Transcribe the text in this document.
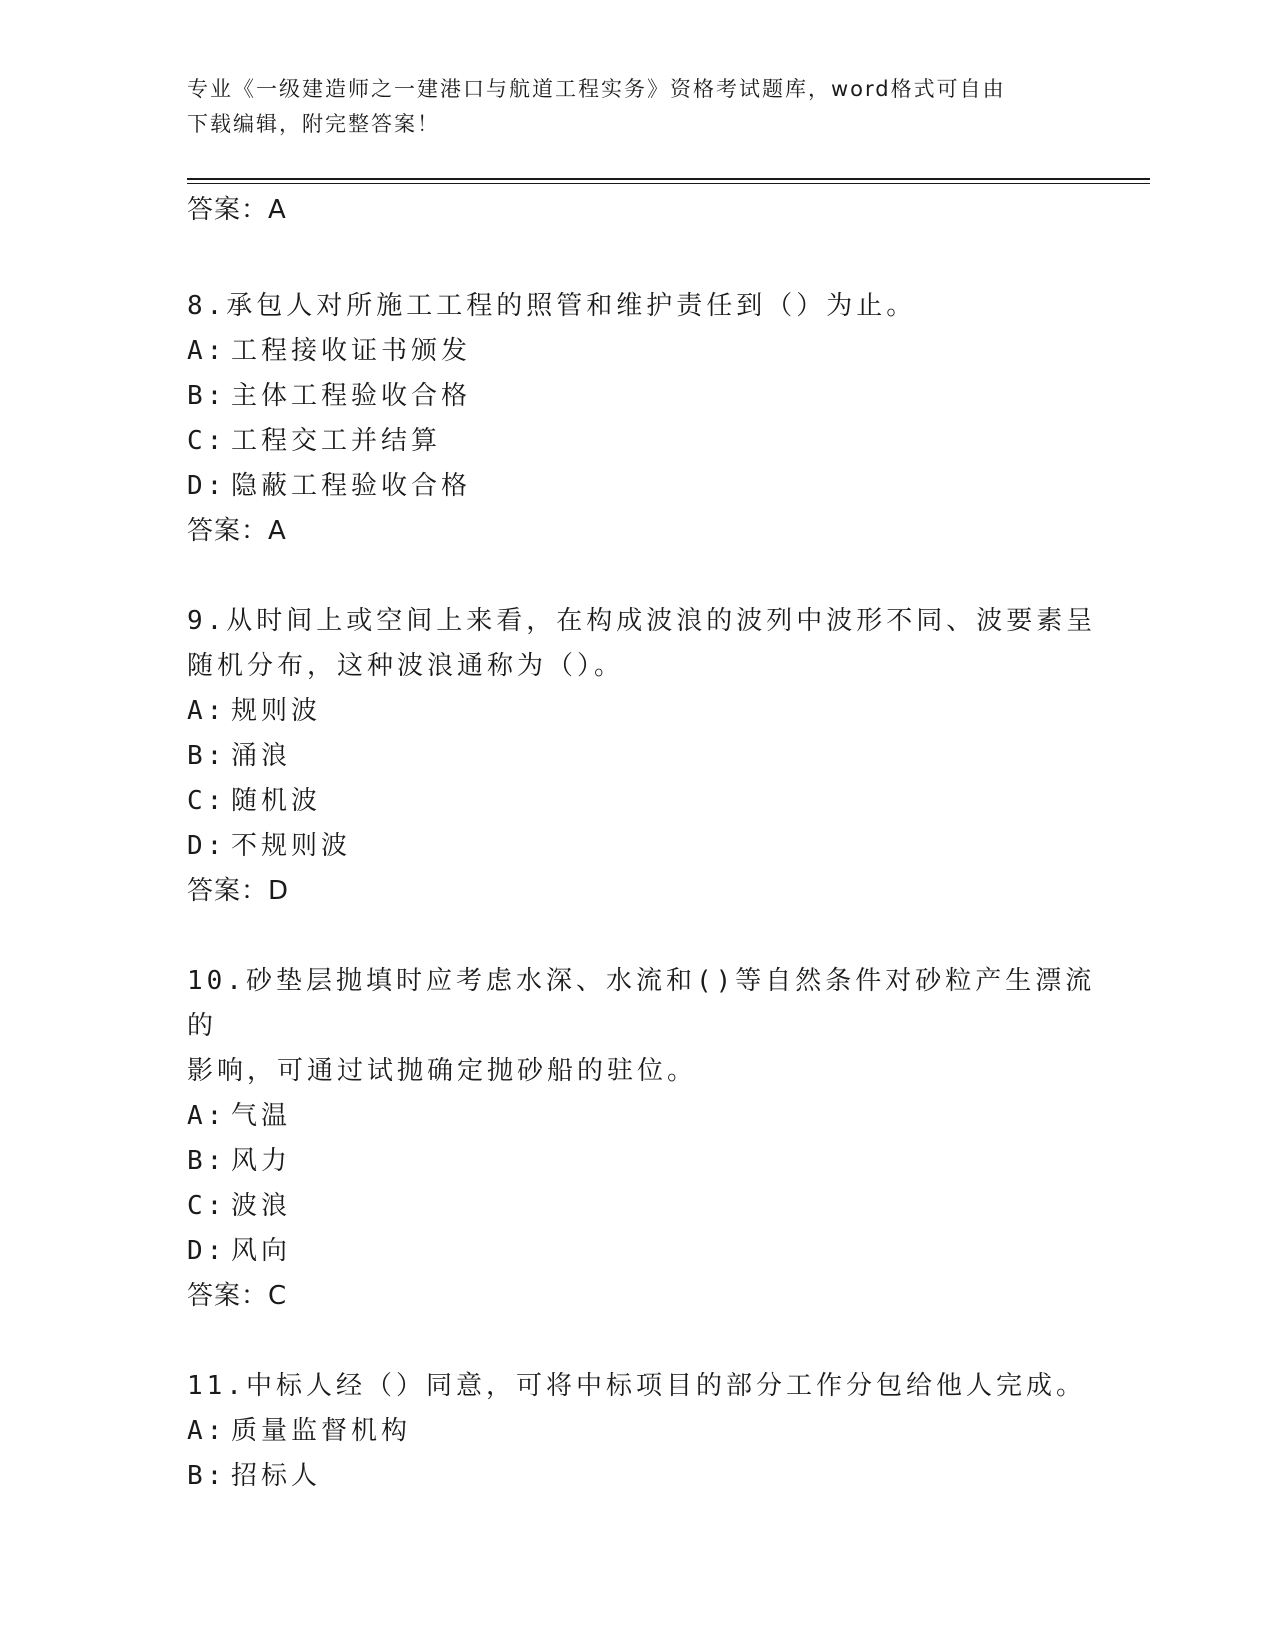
专业《一级建造师之一建港口与航道工程实务》资格考试题库，word格式可自由
下载编辑，附完整答案！
答案：A
8.承包人对所施工工程的照管和维护责任到（）为止。
A: 工程接收证书颁发
B: 主体工程验收合格
C: 工程交工并结算
D: 隐蔽工程验收合格
答案：A
9.从时间上或空间上来看，在构成波浪的波列中波形不同、波要素呈
随机分布，这种波浪通称为（）。
A: 规则波
B: 涌浪
C: 随机波
D: 不规则波
答案：D
10.砂垫层抛填时应考虑水深、水流和()等自然条件对砂粒产生漂流的
影响，可通过试抛确定抛砂船的驻位。
A: 气温
B: 风力
C: 波浪
D: 风向
答案：C
11.中标人经（）同意，可将中标项目的部分工作分包给他人完成。
A: 质量监督机构
B: 招标人
